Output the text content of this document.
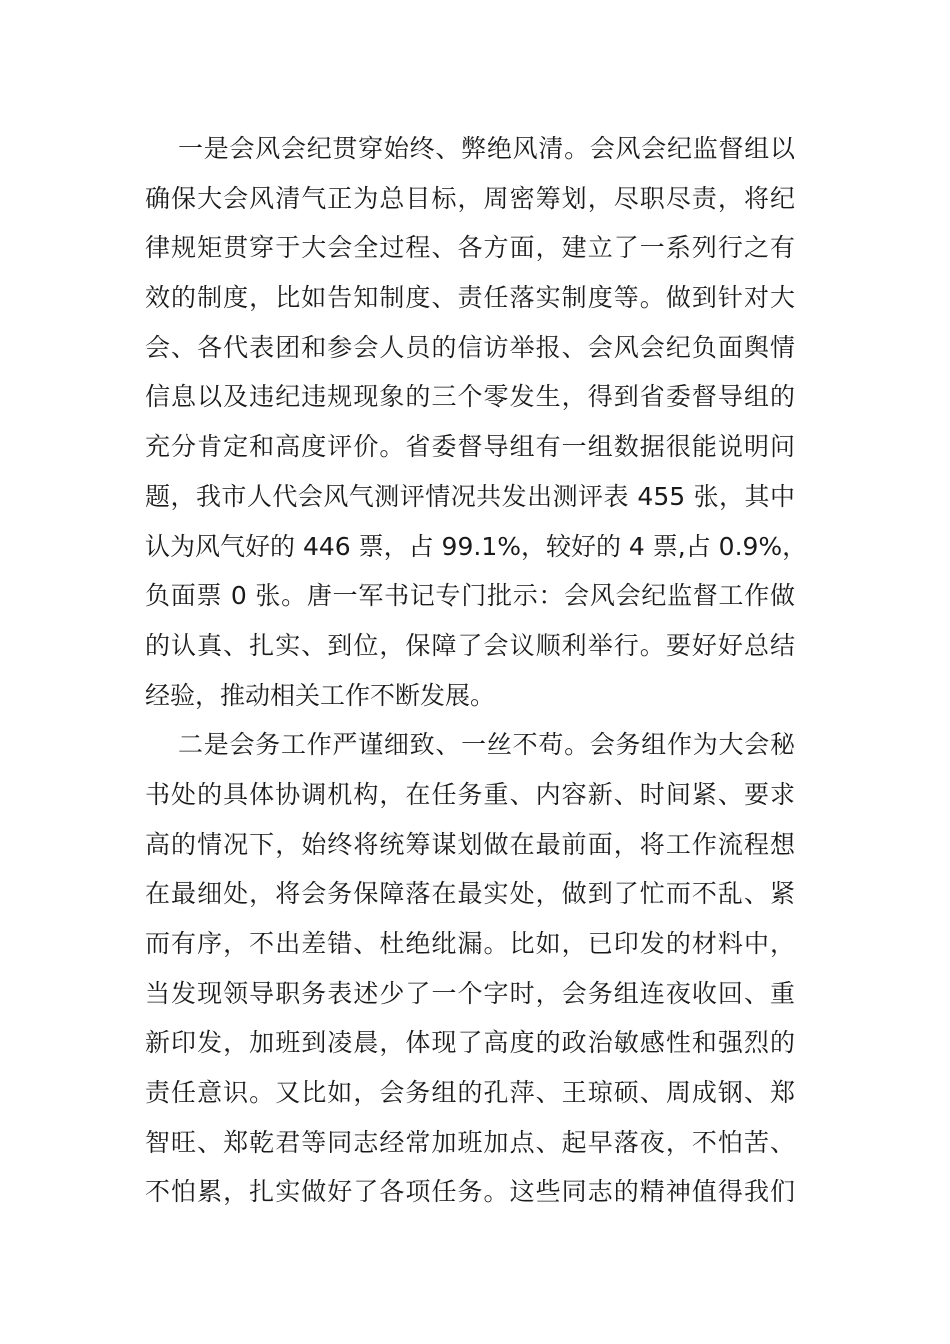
一是会风会纪贯穿始终、弊绝风清。会风会纪监督组以
确保大会风清气正为总目标，周密筹划，尽职尽责，将纪
律规矩贯穿于大会全过程、各方面，建立了一系列行之有
效的制度，比如告知制度、责任落实制度等。做到针对大
会、各代表团和参会人员的信访举报、会风会纪负面舆情
信息以及违纪违规现象的三个零发生，得到省委督导组的
充分肯定和高度评价。省委督导组有一组数据很能说明问
题，我市人代会风气测评情况共发出测评表 455 张，其中
认为风气好的 446 票，占 99.1%，较好的 4 票,占 0.9%，
负面票 0 张。唐一军书记专门批示：会风会纪监督工作做
的认真、扎实、到位，保障了会议顺利举行。要好好总结
经验，推动相关工作不断发展。
二是会务工作严谨细致、一丝不苟。会务组作为大会秘
书处的具体协调机构，在任务重、内容新、时间紧、要求
高的情况下，始终将统筹谋划做在最前面，将工作流程想
在最细处，将会务保障落在最实处，做到了忙而不乱、紧
而有序，不出差错、杜绝纰漏。比如，已印发的材料中，
当发现领导职务表述少了一个字时，会务组连夜收回、重
新印发，加班到凌晨，体现了高度的政治敏感性和强烈的
责任意识。又比如，会务组的孔萍、王琼硕、周成钢、郑
智旺、郑乾君等同志经常加班加点、起早落夜，不怕苦、
不怕累，扎实做好了各项任务。这些同志的精神值得我们
